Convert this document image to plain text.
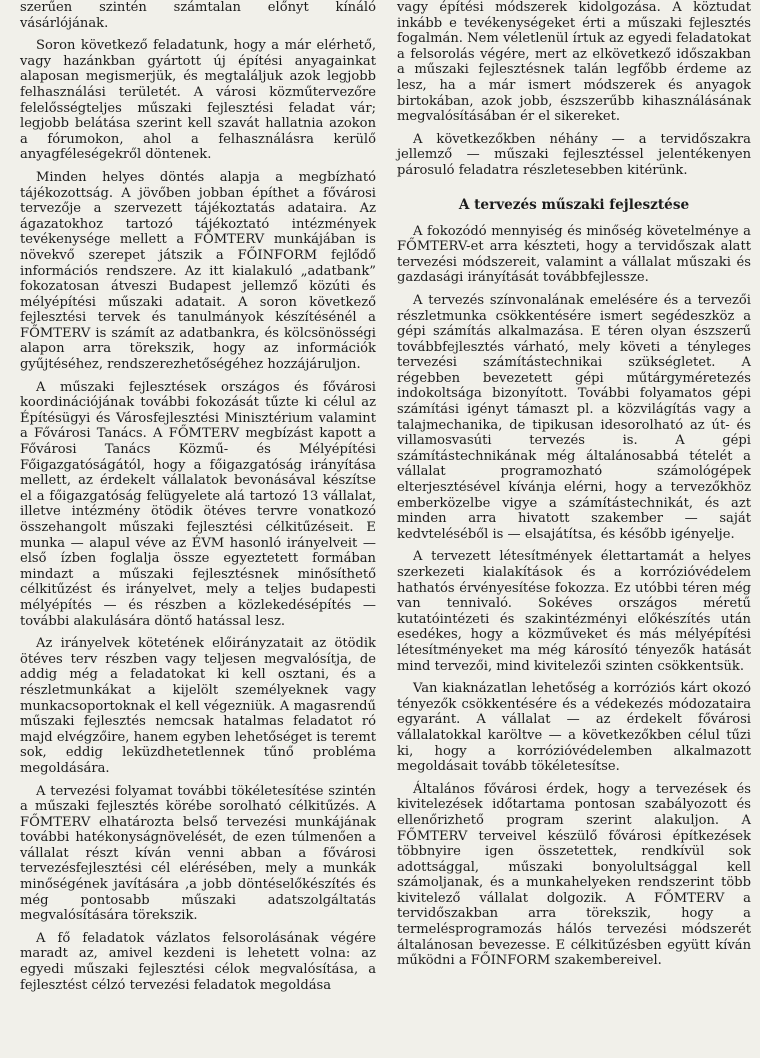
szerűen szintén számtalan előnyt kínáló vásárlójának.

Soron következő feladatunk, hogy a már elérhető, vagy hazánkban gyártott új építési anyagainkat alaposan megismerjük, és megtaláljuk azok legjobb felhasználási területét. A városi közműtervezőre felelősségteljes műszaki fejlesztési feladat vár; legjobb belátása szerint kell szavát hallatnia azokon a fórumokon, ahol a felhasználásra kerülő anyagféleségekről döntenek.

Minden helyes döntés alapja a megbízható tájékozottság. A jövőben jobban építhet a fővárosi tervezője a szervezett tájékoztatás adataira. Az ágazatokhoz tartozó tájékoztató intézmények tevékenysége mellett a FŐMTERV munkájában is növekvő szerepet játszik a FŐINFORM fejlődő információs rendszere. Az itt kialakuló „adatbank” fokozatosan átveszi Budapest jellemző közúti és mélyépítési műszaki adatait. A soron következő fejlesztési tervek és tanulmányok készítésénél a FŐMTERV is számít az adatbankra, és kölcsönösségi alapon arra törekszik, hogy az információk gyűjtéséhez, rendszerezhetőségéhez hozzájáruljon.

A műszaki fejlesztések országos és fővárosi koordinációjának további fokozását tűzte ki célul az Építésügyi és Városfejlesztési Minisztérium valamint a Fővárosi Tanács. A FŐMTERV megbízást kapott a Fővárosi Tanács Közmű- és Mélyépítési Főigazgatóságától, hogy a főigazgatóság irányítása mellett, az érdekelt vállalatok bevonásával készítse el a főigazgatóság felügyelete alá tartozó 13 vállalat, illetve intézmény ötödik ötéves tervre vonatkozó összehangolt műszaki fejlesztési célkitűzéseit. E munka — alapul véve az ÉVM hasonló irányelveit — első ízben foglalja össze egyeztetett formában mindazt a műszaki fejlesztésnek minősíthető célkitűzést és irányelvet, mely a teljes budapesti mélyépítés — és részben a közlekedésépítés — további alakulására döntő hatással lesz.

Az irányelvek kötetének előirányzatait az ötödik ötéves terv részben vagy teljesen megvalósítja, de addig még a feladatokat ki kell osztani, és a részletmunkákat a kijelölt személyeknek vagy munkacsoportoknak el kell végezniük. A magasrendű műszaki fejlesztés nemcsak hatalmas feladatot ró majd elvégzőire, hanem egyben lehetőséget is teremt sok, eddig leküzdhetetlennek tűnő probléma megoldására.

A tervezési folyamat további tökéletesítése szintén a műszaki fejlesztés körébe sorolható célkitűzés. A FŐMTERV elhatározta belső tervezési munkájának további hatékonyságnövelését, de ezen túlmenően a vállalat részt kíván venni abban a fővárosi tervezésfejlesztési cél elérésében, mely a munkák minőségének javítására ‚a jobb döntéselőkészítés és még pontosabb műszaki adatszolgáltatás megvalósítására törekszik.

A fő feladatok vázlatos felsorolásának végére maradt az, amivel kezdeni is lehetett volna: az egyedi műszaki fejlesztési célok megvalósítása, a fejlesztést célzó tervezési feladatok megoldása

vagy építési módszerek kidolgozása. A köztudat inkább e tevékenységeket érti a műszaki fejlesztés fogalmán. Nem véletlenül írtuk az egyedi feladatokat a felsorolás végére, mert az elkövetkező időszakban a műszaki fejlesztésnek talán legfőbb érdeme az lesz, ha a már ismert módszerek és anyagok birtokában, azok jobb, észszerűbb kihasználásának megvalósításában ér el sikereket.

A következőkben néhány — a tervidőszakra jellemző — műszaki fejlesztéssel jelentékenyen párosuló feladatra részletesebben kitérünk.

A tervezés műszaki fejlesztése

A fokozódó mennyiség és minőség követelménye a FŐMTERV-et arra készteti, hogy a tervidőszak alatt tervezési módszereit, valamint a vállalat műszaki és gazdasági irányítását továbbfejlessze.

A tervezés színvonalának emelésére és a tervezői részletmunka csökkentésére ismert segédeszköz a gépi számítás alkalmazása. E téren olyan észszerű továbbfejlesztés várható, mely követi a tényleges tervezési számítástechnikai szükségletet. A régebben bevezetett gépi műtárgyméretezés indokoltsága bizonyított. További folyamatos gépi számítási igényt támaszt pl. a közvilágítás vagy a talajmechanika, de tipikusan idesorolható az út- és villamosvasúti tervezés is. A gépi számítástechnikának még általánosabbá tételét a vállalat programozható számológépek elterjesztésével kívánja elérni, hogy a tervezőkhöz emberközelbe vigye a számítástechnikát, és azt minden arra hivatott szakember — saját kedvteléséből is — elsajátítsa, és később igényelje.

A tervezett létesítmények élettartamát a helyes szerkezeti kialakítások és a korrózióvédelem hathatós érvényesítése fokozza. Ez utóbbi téren még van tennivaló. Sokéves országos méretű kutatóintézeti és szakintézményi előkészítés után esedékes, hogy a közműveket és más mélyépítési létesítményeket ma még károsító tényezők hatását mind tervezői, mind kivitelezői szinten csökkentsük.

Van kiaknázatlan lehetőség a korróziós kárt okozó tényezők csökkentésére és a védekezés módozataira egyaránt. A vállalat — az érdekelt fővárosi vállalatokkal karöltve — a következőkben célul tűzi ki, hogy a korrózióvédelemben alkalmazott megoldásait tovább tökéletesítse.

Általános fővárosi érdek, hogy a tervezések és kivitelezések időtartama pontosan szabályozott és ellenőrizhető program szerint alakuljon. A FŐMTERV terveivel készülő fővárosi építkezések többnyire igen összetettek, rendkívül sok adottsággal, műszaki bonyolultsággal kell számoljanak, és a munkahelyeken rendszerint több kivitelező vállalat dolgozik. A FŐMTERV a tervidőszakban arra törekszik, hogy a termelésprogramozás hálós tervezési módszerét általánosan bevezesse. E célkitűzésben együtt kíván működni a FŐINFORM szakembereivel.
